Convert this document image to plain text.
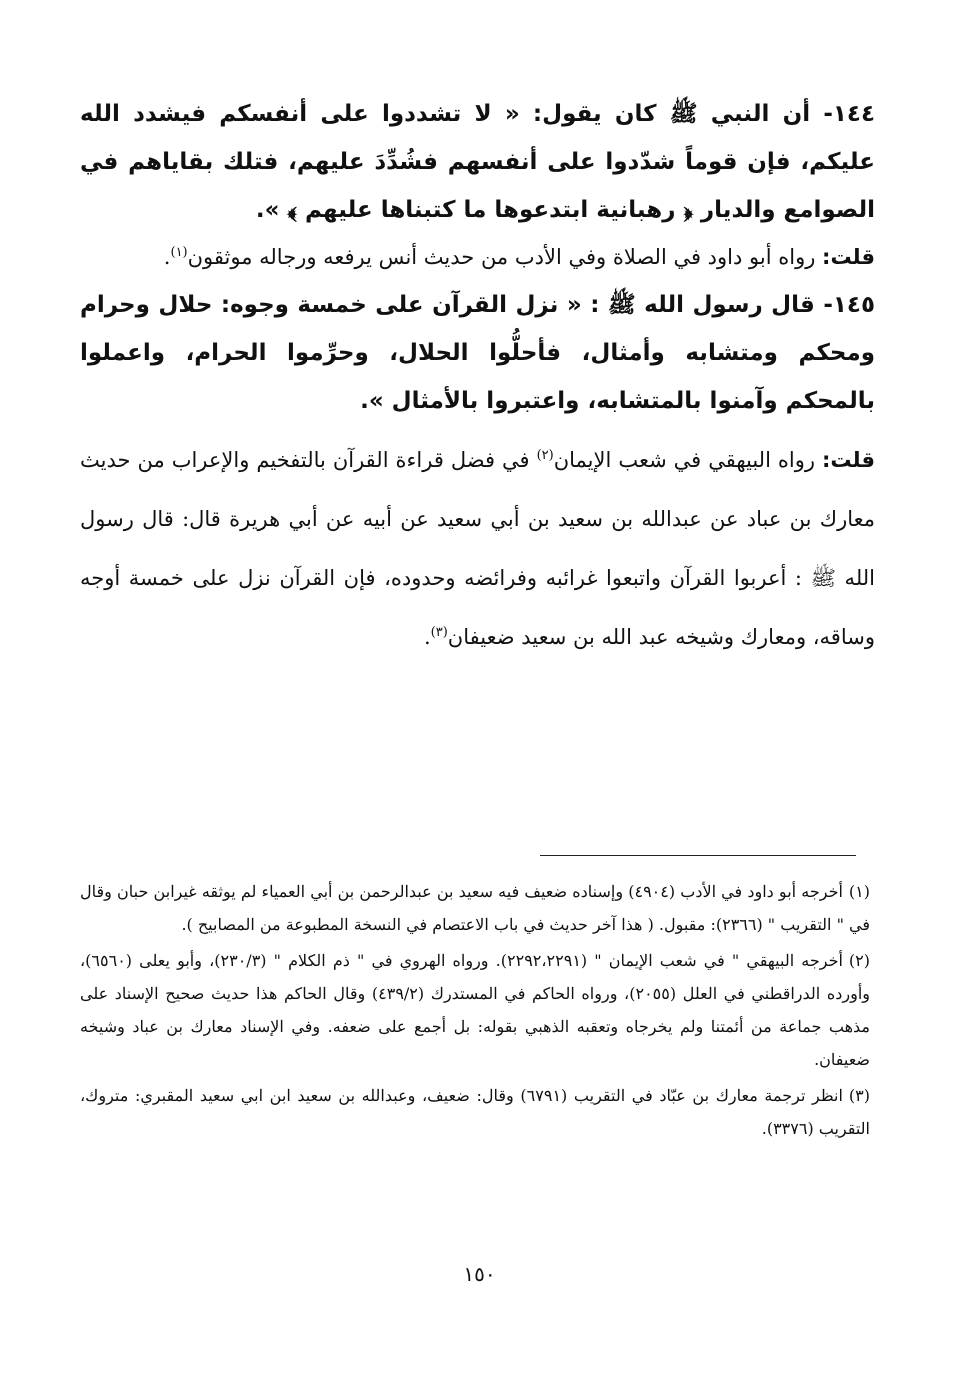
١٤٤- أن النبي ﷺ كان يقول: « لا تشددوا على أنفسكم فيشدد الله عليكم، فإن قوماً شدّدوا على أنفسهم فشُدِّدَ عليهم، فتلك بقاياهم في الصوامع والديار ﴿ رهبانية ابتدعوها ما كتبناها عليهم ﴾ ».

قلت: رواه أبو داود في الصلاة وفي الأدب من حديث أنس يرفعه ورجاله موثقون$^{(١)}$.

١٤٥- قال رسول الله ﷺ : « نزل القرآن على خمسة وجوه: حلال وحرام ومحكم ومتشابه وأمثال، فأحلُّوا الحلال، وحرِّموا الحرام، واعملوا بالمحكم وآمنوا بالمتشابه، واعتبروا بالأمثال ».

قلت: رواه البيهقي في شعب الإيمان$^{(٢)}$ في فضل قراءة القرآن بالتفخيم والإعراب من حديث معارك بن عباد عن عبدالله بن سعيد بن أبي سعيد عن أبيه عن أبي هريرة قال: قال رسول الله ﷺ : أعربوا القرآن واتبعوا غرائبه وفرائضه وحدوده، فإن القرآن نزل على خمسة أوجه وساقه، ومعارك وشيخه عبد الله بن سعيد ضعيفان$^{(٣)}$.

(١)أخرجه أبو داود في الأدب (٤٩٠٤) وإسناده ضعيف فيه سعيد بن عبدالرحمن بن أبي العمياء لم يوثقه غيرابن حبان وقال في " التقريب " (٢٣٦٦): مقبول. ( هذا آخر حديث في باب الاعتصام في النسخة المطبوعة من المصابيح ).

(٢)أخرجه البيهقي " في شعب الإيمان " (٢٢٩٢،٢٢٩١). ورواه الهروي في " ذم الكلام " (٢٣٠/٣)، وأبو يعلى (٦٥٦٠)، وأورده الدراقطني في العلل (٢٠٥٥)، ورواه الحاكم في المستدرك (٤٣٩/٢) وقال الحاكم هذا حديث صحيح الإسناد على مذهب جماعة من أئمتنا ولم يخرجاه وتعقبه الذهبي بقوله: بل أجمع على ضعفه. وفي الإسناد معارك بن عباد وشيخه ضعيفان.

(٣)انظر ترجمة معارك بن عبّاد في التقريب (٦٧٩١) وقال: ضعيف، وعبدالله بن سعيد ابن ابي سعيد المقبري: متروك، التقريب (٣٣٧٦).

١٥٠
